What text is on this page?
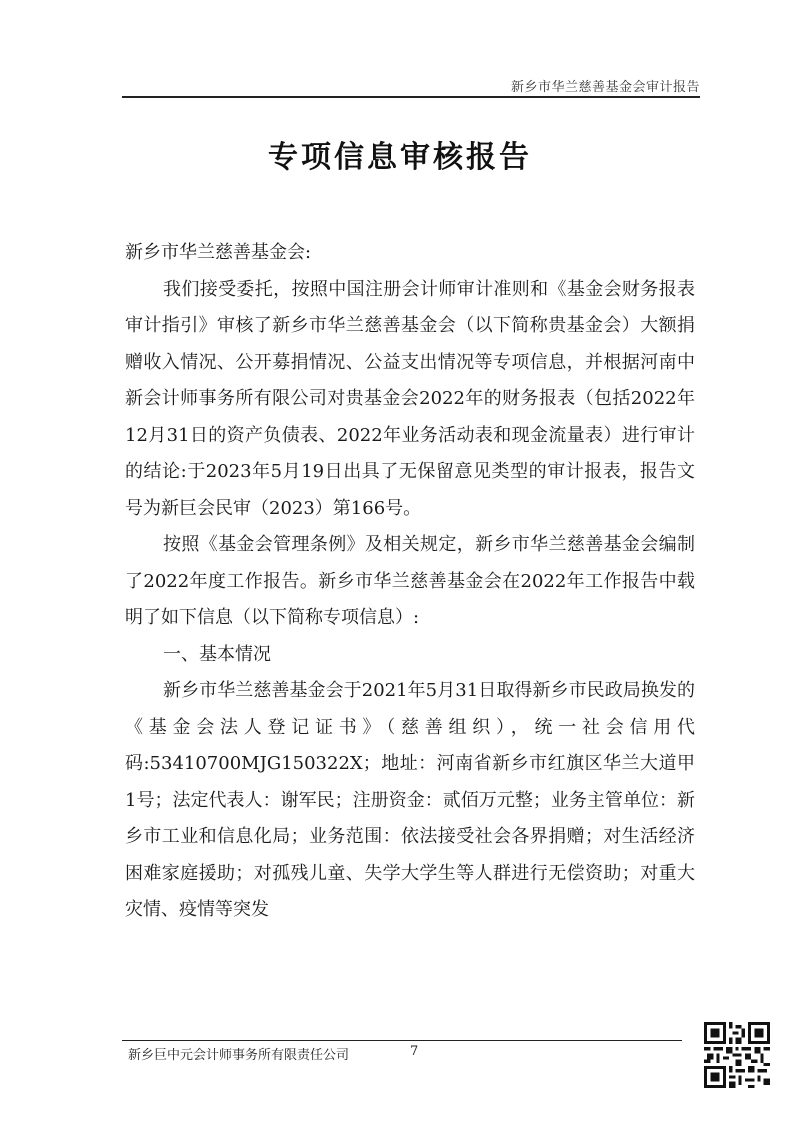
新乡市华兰慈善基金会审计报告
专项信息审核报告

新乡市华兰慈善基金会:

我们接受委托，按照中国注册会计师审计准则和《基金会财务报表审计指引》审核了新乡市华兰慈善基金会（以下简称贵基金会）大额捐赠收入情况、公开募捐情况、公益支出情况等专项信息，并根据河南中新会计师事务所有限公司对贵基金会2022年的财务报表（包括2022年12月31日的资产负债表、2022年业务活动表和现金流量表）进行审计的结论:于2023年5月19日出具了无保留意见类型的审计报表，报告文号为新巨会民审（2023）第166号。

按照《基金会管理条例》及相关规定，新乡市华兰慈善基金会编制了2022年度工作报告。新乡市华兰慈善基金会在2022年工作报告中载明了如下信息（以下简称专项信息）:

一、基本情况

新乡市华兰慈善基金会于2021年5月31日取得新乡市民政局换发的《基金会法人登记证书》（慈善组织），统一社会信用代码:53410700MJG150322X；地址：河南省新乡市红旗区华兰大道甲1号；法定代表人：谢军民；注册资金：贰佰万元整；业务主管单位：新乡市工业和信息化局；业务范围：依法接受社会各界捐赠；对生活经济困难家庭援助；对孤残儿童、失学大学生等人群进行无偿资助；对重大灾情、疫情等突发

新乡巨中元会计师事务所有限责任公司	7
